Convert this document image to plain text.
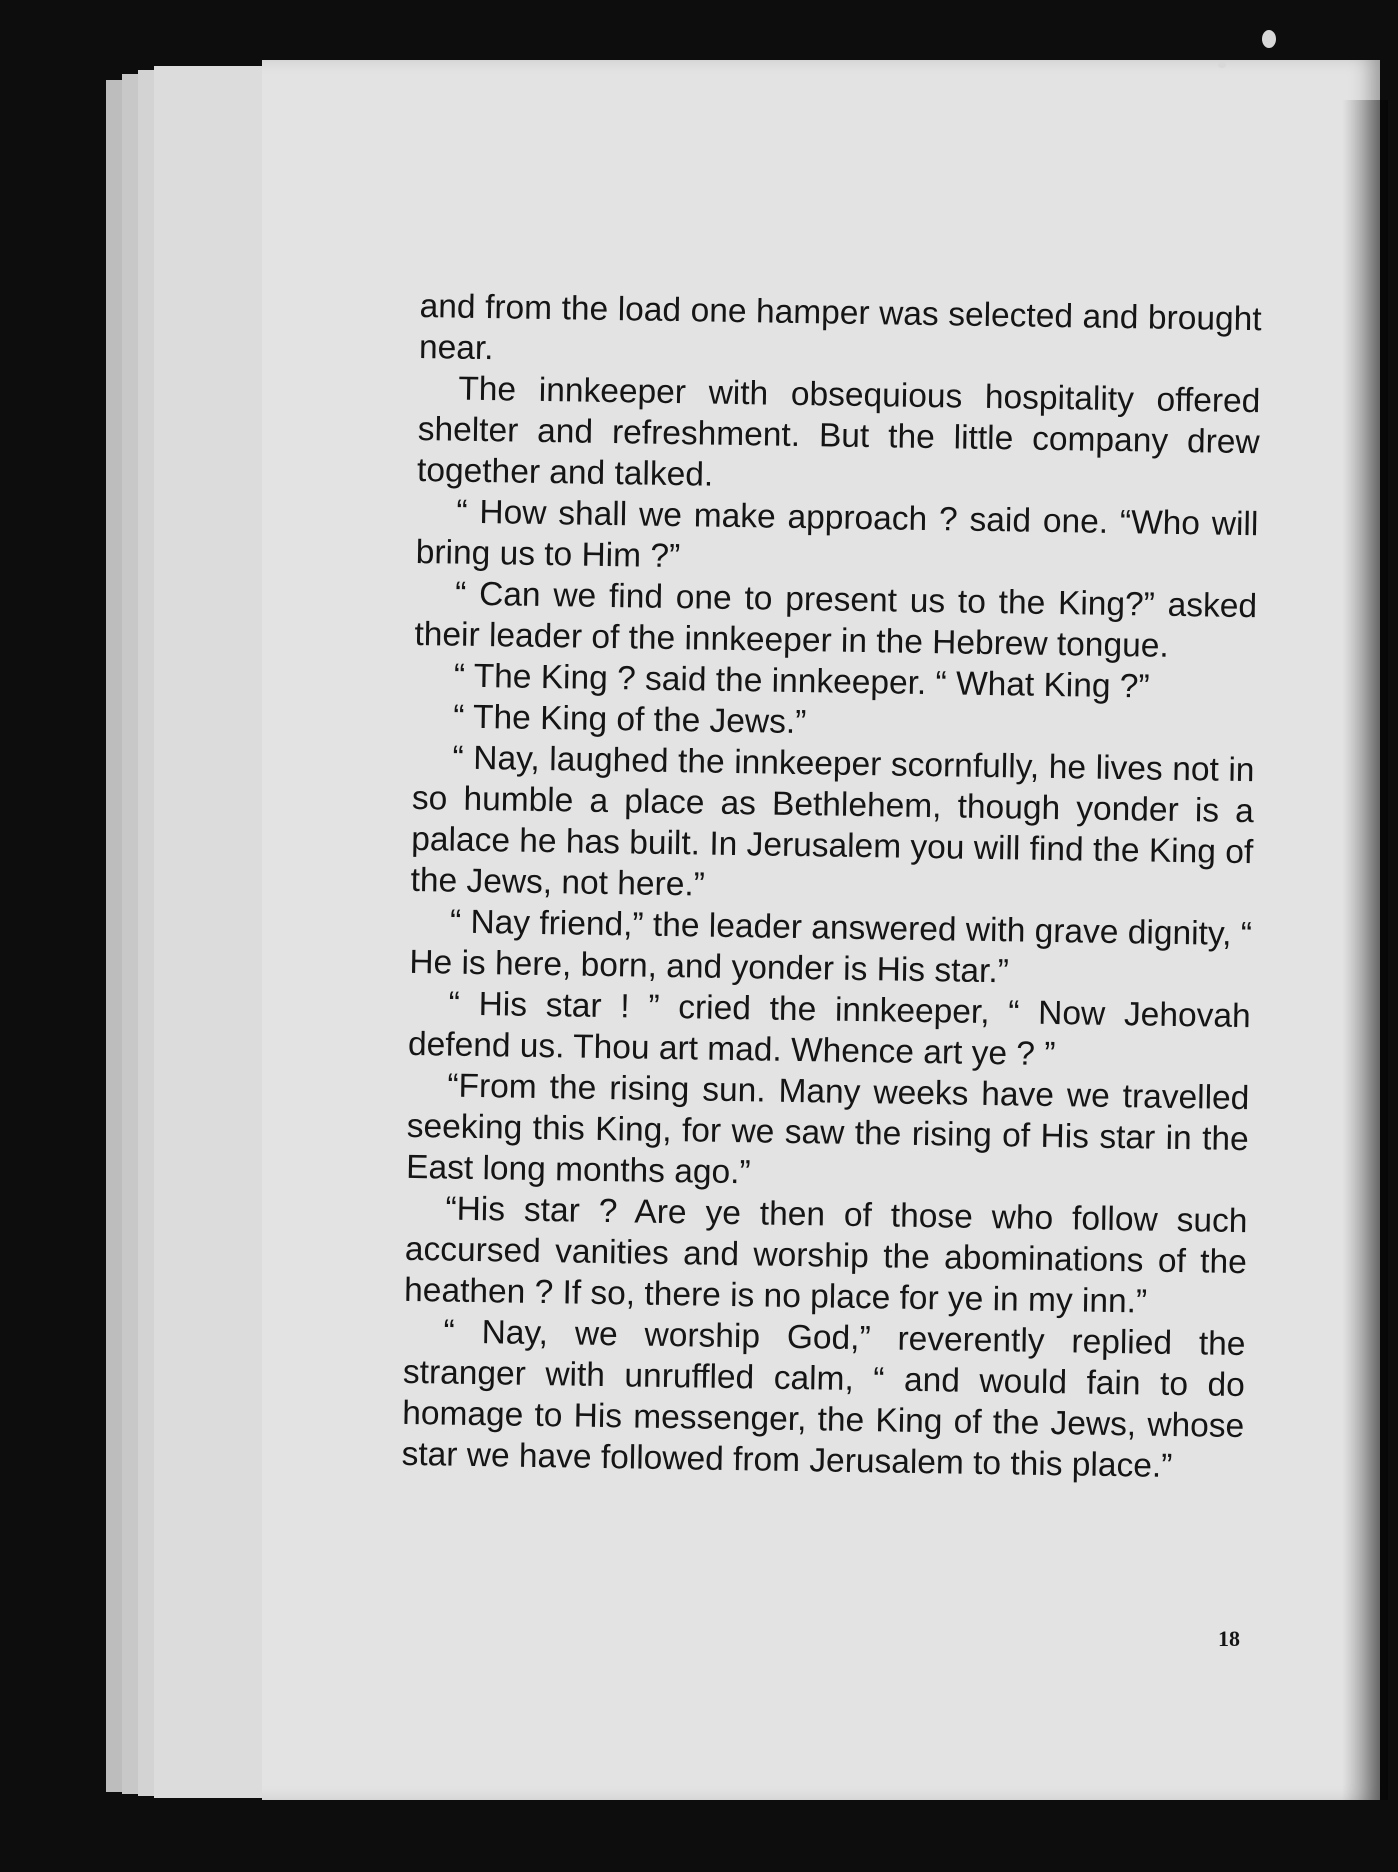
and from the load one hamper was selected and brought near.

The innkeeper with obsequious hospitality offered shelter and refreshment. But the little company drew together and talked.

“ How shall we make approach ? said one. “Who will bring us to Him ?”

“ Can we find one to present us to the King?” asked their leader of the innkeeper in the Hebrew tongue.

“ The King ? said the innkeeper. “ What King ?”

“ The King of the Jews.”

“ Nay, laughed the innkeeper scornfully, he lives not in so humble a place as Bethlehem, though yonder is a palace he has built. In Jerusalem you will find the King of the Jews, not here.”

“ Nay friend,” the leader answered with grave dignity, “ He is here, born, and yonder is His star.”

“ His star ! ” cried the innkeeper, “ Now Jehovah defend us. Thou art mad. Whence art ye ? ”

“From the rising sun. Many weeks have we travelled seeking this King, for we saw the rising of His star in the East long months ago.”

“His star ? Are ye then of those who follow such accursed vanities and worship the abominations of the heathen ? If so, there is no place for ye in my inn.”

“ Nay, we worship God,” reverently replied the stranger with unruffled calm, “ and would fain to do homage to His messenger, the King of the Jews, whose star we have followed from Jerusalem to this place.”

18
